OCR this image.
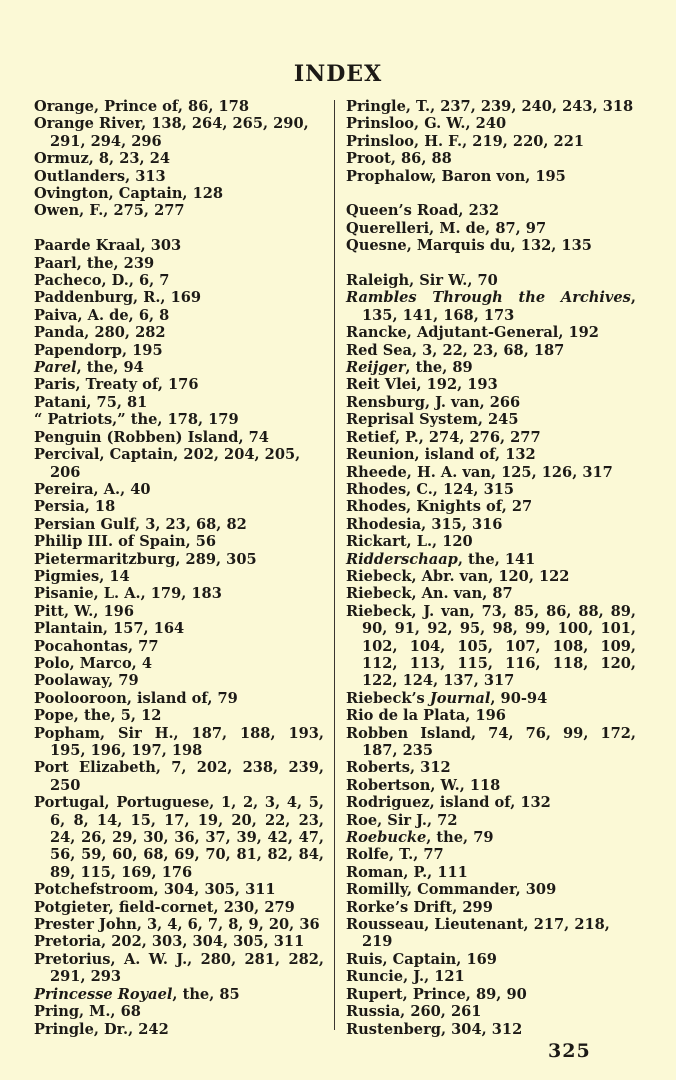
INDEX
Orange, Prince of, 86, 178
Orange River, 138, 264, 265, 290, 291, 294, 296
Ormuz, 8, 23, 24
Outlanders, 313
Ovington, Captain, 128
Owen, F., 275, 277
Paarde Kraal, 303
Paarl, the, 239
Pacheco, D., 6, 7
Paddenburg, R., 169
Paiva, A. de, 6, 8
Panda, 280, 282
Papendorp, 195
Parel, the, 94
Paris, Treaty of, 176
Patani, 75, 81
“ Patriots,” the, 178, 179
Penguin (Robben) Island, 74
Percival, Captain, 202, 204, 205, 206
Pereira, A., 40
Persia, 18
Persian Gulf, 3, 23, 68, 82
Philip III. of Spain, 56
Pietermaritzburg, 289, 305
Pigmies, 14
Pisanie, L. A., 179, 183
Pitt, W., 196
Plantain, 157, 164
Pocahontas, 77
Polo, Marco, 4
Poolaway, 79
Poolooroon, island of, 79
Pope, the, 5, 12
Popham, Sir H., 187, 188, 193, 195, 196, 197, 198
Port Elizabeth, 7, 202, 238, 239, 250
Portugal, Portuguese, 1, 2, 3, 4, 5, 6, 8, 14, 15, 17, 19, 20, 22, 23, 24, 26, 29, 30, 36, 37, 39, 42, 47, 56, 59, 60, 68, 69, 70, 81, 82, 84, 89, 115, 169, 176
Potchefstroom, 304, 305, 311
Potgieter, field-cornet, 230, 279
Prester John, 3, 4, 6, 7, 8, 9, 20, 36
Pretoria, 202, 303, 304, 305, 311
Pretorius, A. W. J., 280, 281, 282, 291, 293
Princesse Royael, the, 85
Pring, M., 68
Pringle, Dr., 242
Pringle, T., 237, 239, 240, 243, 318
Prinsloo, G. W., 240
Prinsloo, H. F., 219, 220, 221
Proot, 86, 88
Prophalow, Baron von, 195
Queen’s Road, 232
Querelleri, M. de, 87, 97
Quesne, Marquis du, 132, 135
Raleigh, Sir W., 70
Rambles Through the Archives, 135, 141, 168, 173
Rancke, Adjutant-General, 192
Red Sea, 3, 22, 23, 68, 187
Reijger, the, 89
Reit Vlei, 192, 193
Rensburg, J. van, 266
Reprisal System, 245
Retief, P., 274, 276, 277
Reunion, island of, 132
Rheede, H. A. van, 125, 126, 317
Rhodes, C., 124, 315
Rhodes, Knights of, 27
Rhodesia, 315, 316
Rickart, L., 120
Ridderschaap, the, 141
Riebeck, Abr. van, 120, 122
Riebeck, An. van, 87
Riebeck, J. van, 73, 85, 86, 88, 89, 90, 91, 92, 95, 98, 99, 100, 101, 102, 104, 105, 107, 108, 109, 112, 113, 115, 116, 118, 120, 122, 124, 137, 317
Riebeck’s Journal, 90-94
Rio de la Plata, 196
Robben Island, 74, 76, 99, 172, 187, 235
Roberts, 312
Robertson, W., 118
Rodriguez, island of, 132
Roe, Sir J., 72
Roebucke, the, 79
Rolfe, T., 77
Roman, P., 111
Romilly, Commander, 309
Rorke’s Drift, 299
Rousseau, Lieutenant, 217, 218, 219
Ruis, Captain, 169
Runcie, J., 121
Rupert, Prince, 89, 90
Russia, 260, 261
Rustenberg, 304, 312
325
